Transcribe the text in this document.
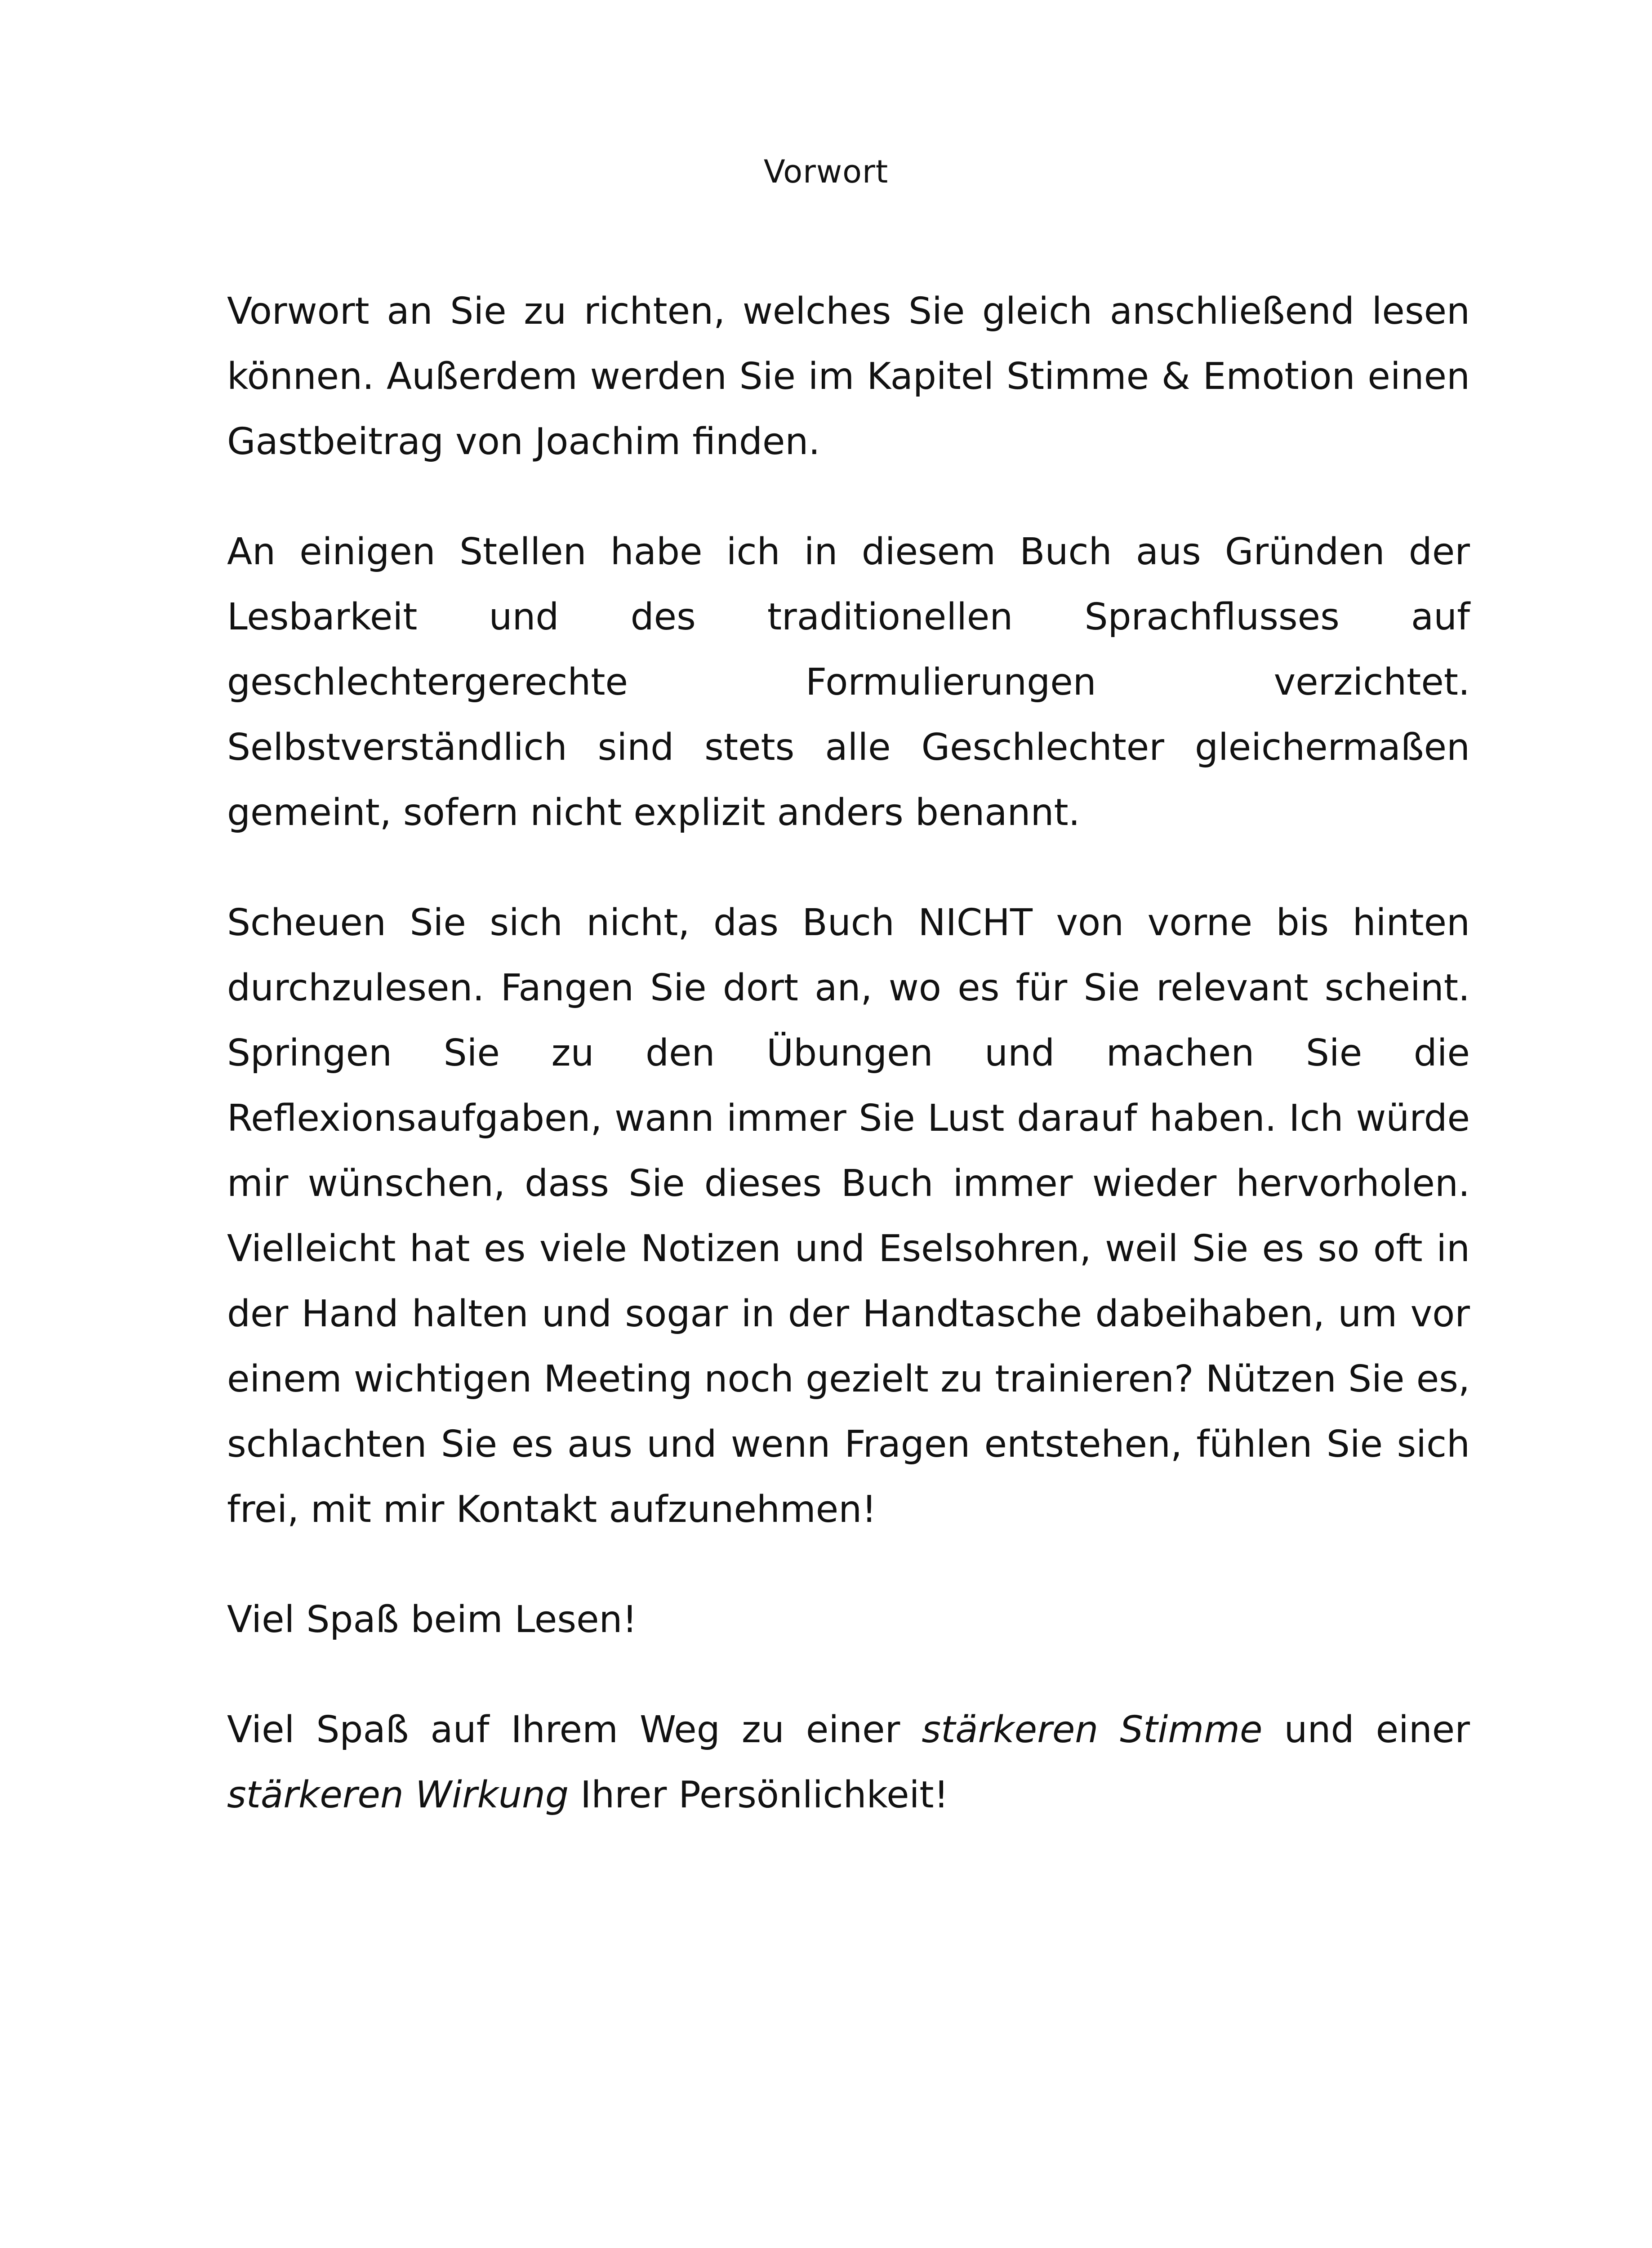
Vorwort

Vorwort an Sie zu richten, welches Sie gleich anschließend lesen können. Außerdem werden Sie im Kapitel Stimme & Emotion einen Gastbeitrag von Joachim finden.

An einigen Stellen habe ich in diesem Buch aus Gründen der Lesbarkeit und des traditionellen Sprachflusses auf geschlechtergerechte Formulierungen verzichtet. Selbstverständlich sind stets alle Geschlechter gleichermaßen gemeint, sofern nicht explizit anders benannt.

Scheuen Sie sich nicht, das Buch NICHT von vorne bis hinten durchzulesen. Fangen Sie dort an, wo es für Sie relevant scheint. Springen Sie zu den Übungen und machen Sie die Reflexionsaufgaben, wann immer Sie Lust darauf haben. Ich würde mir wünschen, dass Sie dieses Buch immer wieder hervorholen. Vielleicht hat es viele Notizen und Eselsohren, weil Sie es so oft in der Hand halten und sogar in der Handtasche dabeihaben, um vor einem wichtigen Meeting noch gezielt zu trainieren? Nützen Sie es, schlachten Sie es aus und wenn Fragen entstehen, fühlen Sie sich frei, mit mir Kontakt aufzunehmen!

Viel Spaß beim Lesen!

Viel Spaß auf Ihrem Weg zu einer stärkeren Stimme und einer stärkeren Wirkung Ihrer Persönlichkeit!
